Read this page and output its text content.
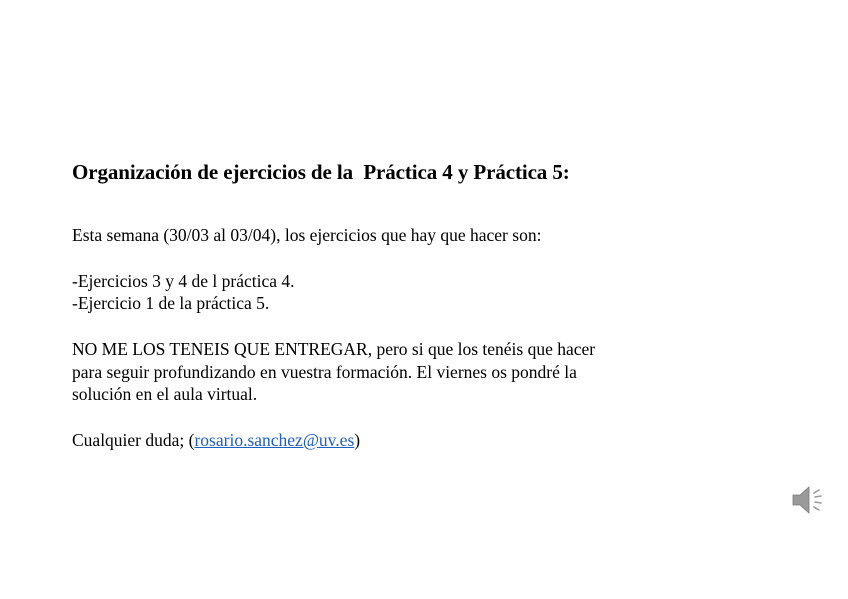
Organización de ejercicios de la  Práctica 4 y Práctica 5:
Esta semana (30/03 al 03/04), los ejercicios que hay que hacer son:
-Ejercicios 3 y 4 de l práctica 4.
-Ejercicio 1 de la práctica 5.
NO ME LOS TENEIS QUE ENTREGAR, pero si que los tenéis que hacer
para seguir profundizando en vuestra formación. El viernes os pondré la
solución en el aula virtual.
Cualquier duda; (rosario.sanchez@uv.es)
